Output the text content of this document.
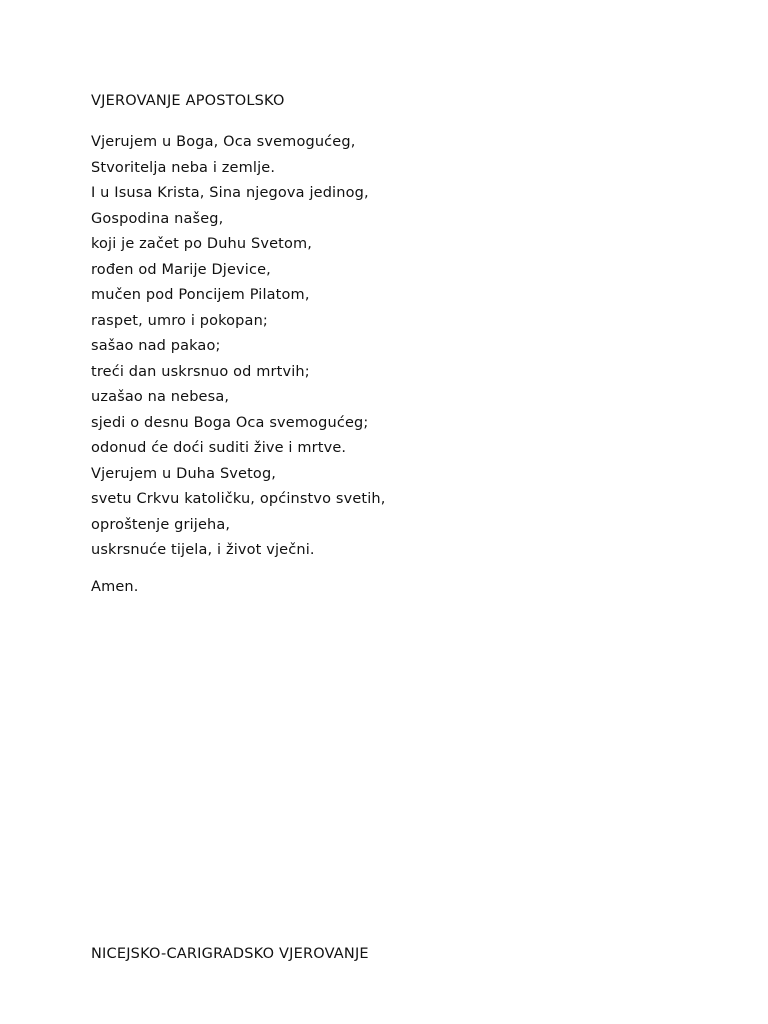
VJEROVANJE APOSTOLSKO
Vjerujem u Boga, Oca svemogućeg,
Stvoritelja neba i zemlje.
I u Isusa Krista, Sina njegova jedinog,
Gospodina našeg,
koji je začet po Duhu Svetom,
rođen od Marije Djevice,
mučen pod Poncijem Pilatom,
raspet, umro i pokopan;
sašao nad pakao;
treći dan uskrsnuo od mrtvih;
uzašao na nebesa,
sjedi o desnu Boga Oca svemogućeg;
odonud će doći suditi žive i mrtve.
Vjerujem u Duha Svetog,
svetu Crkvu katoličku, općinstvo svetih,
oproštenje grijeha,
uskrsnuće tijela, i život vječni.
Amen.
NICEJSKO-CARIGRADSKO VJEROVANJE
